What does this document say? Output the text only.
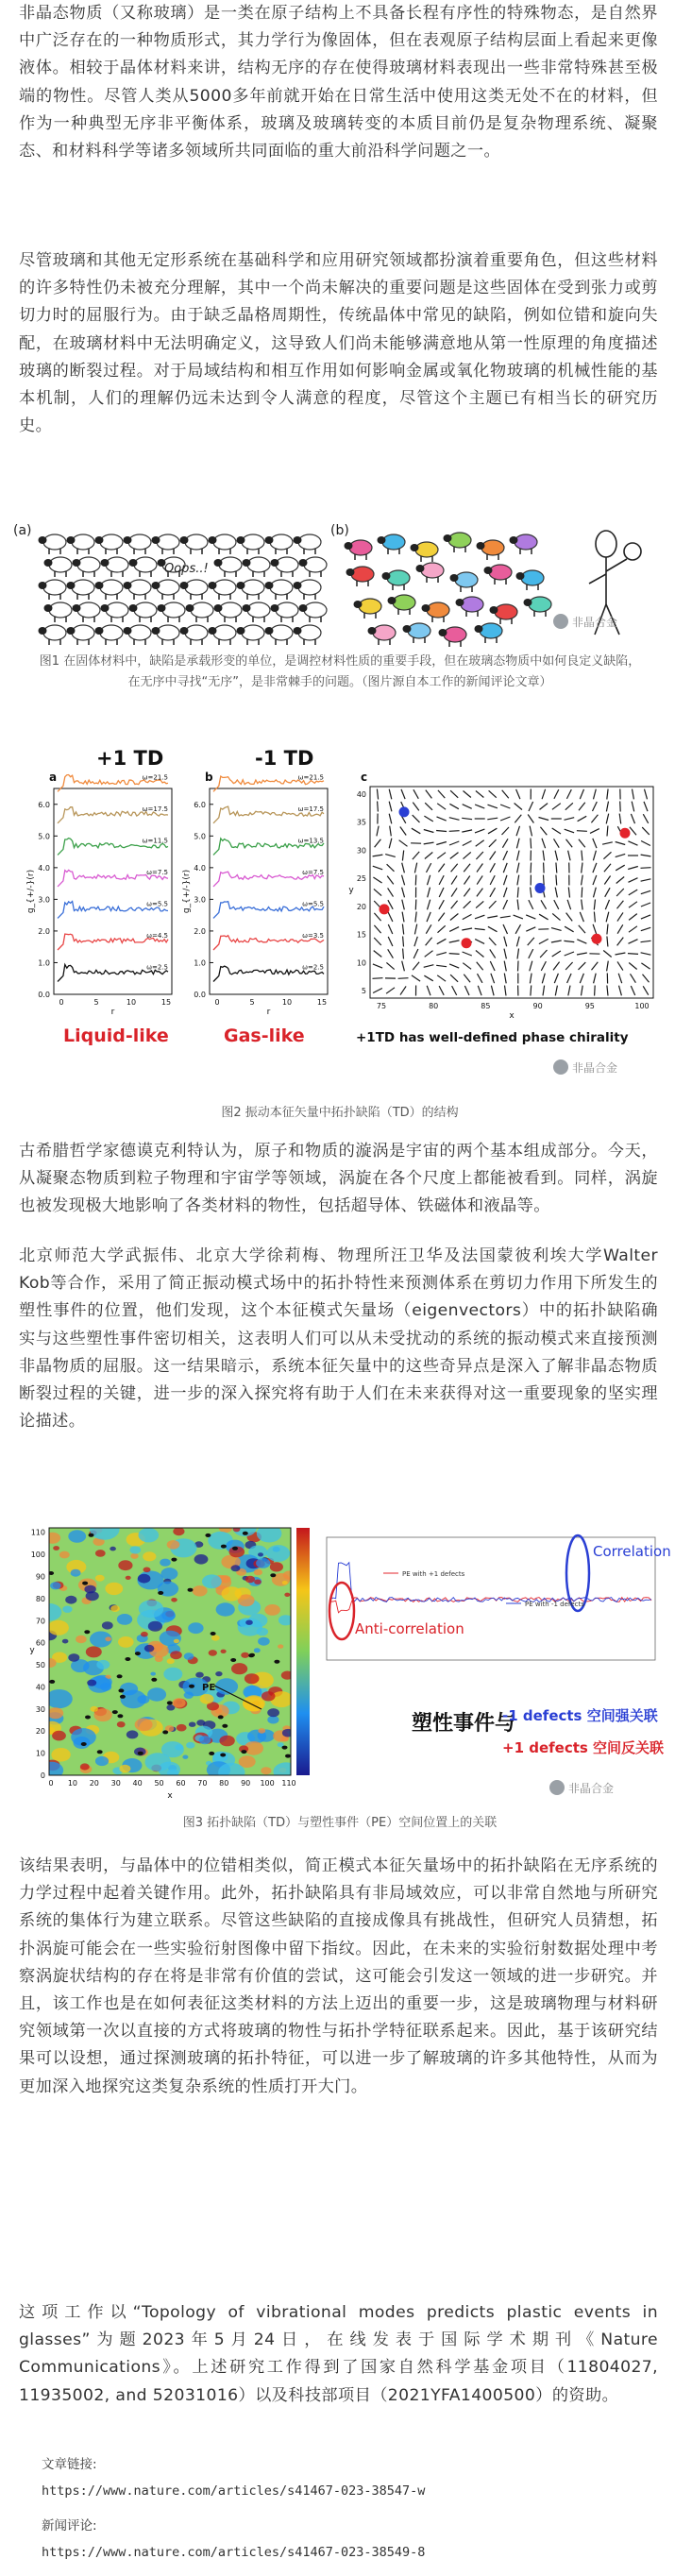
非晶态物质（又称玻璃）是一类在原子结构上不具备长程有序性的特殊物态，是自然界中广泛存在的一种物质形式，其力学行为像固体，但在表观原子结构层面上看起来更像液体。相较于晶体材料来讲，结构无序的存在使得玻璃材料表现出一些非常特殊甚至极端的物性。尽管人类从5000多年前就开始在日常生活中使用这类无处不在的材料，但作为一种典型无序非平衡体系，玻璃及玻璃转变的本质目前仍是复杂物理系统、凝聚态、和材料科学等诸多领域所共同面临的重大前沿科学问题之一。

尽管玻璃和其他无定形系统在基础科学和应用研究领域都扮演着重要角色，但这些材料的许多特性仍未被充分理解，其中一个尚未解决的重要问题是这些固体在受到张力或剪切力时的屈服行为。由于缺乏晶格周期性，传统晶体中常见的缺陷，例如位错和旋向失配，在玻璃材料中无法明确定义，这导致人们尚未能够满意地从第一性原理的角度描述玻璃的断裂过程。对于局域结构和相互作用如何影响金属或氧化物玻璃的机械性能的基本机制，人们的理解仍远未达到令人满意的程度，尽管这个主题已有相当长的研究历史。

(a)
Oops..!
(b)
非晶合金

图1 在固体材料中，缺陷是承载形变的单位，是调控材料性质的重要手段，但在玻璃态物质中如何良定义缺陷，在无序中寻找“无序”，是非常棘手的问题。（图片源自本工作的新闻评论文章）

+1 TD	-1 TD
a	b	c
0.0
1.0
2.0
3.0
4.0
5.0
6.0
0	5	10	15
r
g_{+/-}(r)
ω=2.5
ω=4.5
ω=5.5
ω=7.5
ω=11.5
ω=17.5
ω=21.5
0.0
1.0
2.0
3.0
4.0
5.0
6.0
0	5	10	15
r
g_{+/-}(r)
ω=2.5
ω=3.5
ω=5.5
ω=7.5
ω=13.5
ω=17.5
ω=21.5
5
10
15
20
25
30
35
40
75	80	85	90	95	100
x
y
Liquid-like	Gas-like	+1TD has well-defined phase chirality
非晶合金

图2 振动本征矢量中拓扑缺陷（TD）的结构

古希腊哲学家德谟克利特认为，原子和物质的漩涡是宇宙的两个基本组成部分。今天，从凝聚态物质到粒子物理和宇宙学等领域，涡旋在各个尺度上都能被看到。同样，涡旋也被发现极大地影响了各类材料的物性，包括超导体、铁磁体和液晶等。

北京师范大学武振伟、北京大学徐莉梅、物理所汪卫华及法国蒙彼利埃大学Walter Kob等合作，采用了简正振动模式场中的拓扑特性来预测体系在剪切力作用下所发生的塑性事件的位置，他们发现，这个本征模式矢量场（eigenvectors）中的拓扑缺陷确实与这些塑性事件密切相关，这表明人们可以从未受扰动的系统的振动模式来直接预测非晶物质的屈服。这一结果暗示，系统本征矢量中的这些奇异点是深入了解非晶态物质断裂过程的关键，进一步的深入探究将有助于人们在未来获得对这一重要现象的坚实理论描述。

0
10
20
30
40
50
60
70
80
90
100
110
0 10 20 30 40 50 60 70 80 90 100 110
x
y
PE
Anti-correlation
Correlation
PE with +1 defects
PE with -1 defects
塑性事件与
-1 defects 空间强关联
+1 defects 空间反关联
非晶合金

图3 拓扑缺陷（TD）与塑性事件（PE）空间位置上的关联

该结果表明，与晶体中的位错相类似，简正模式本征矢量场中的拓扑缺陷在无序系统的力学过程中起着关键作用。此外，拓扑缺陷具有非局域效应，可以非常自然地与所研究系统的集体行为建立联系。尽管这些缺陷的直接成像具有挑战性，但研究人员猜想，拓扑涡旋可能会在一些实验衍射图像中留下指纹。因此，在未来的实验衍射数据处理中考察涡旋状结构的存在将是非常有价值的尝试，这可能会引发这一领域的进一步研究。并且，该工作也是在如何表征这类材料的方法上迈出的重要一步，这是玻璃物理与材料研究领域第一次以直接的方式将玻璃的物性与拓扑学特征联系起来。因此，基于该研究结果可以设想，通过探测玻璃的拓扑特征，可以进一步了解玻璃的许多其他特性，从而为更加深入地探究这类复杂系统的性质打开大门。

这项工作以“Topology of vibrational modes predicts plastic events in glasses”为题2023年5月24日，在线发表于国际学术期刊《Nature Communications》。上述研究工作得到了国家自然科学基金项目（11804027, 11935002, and 52031016）以及科技部项目（2021YFA1400500）的资助。

文章链接:

https://www.nature.com/articles/s41467-023-38547-w

新闻评论:

https://www.nature.com/articles/s41467-023-38549-8
